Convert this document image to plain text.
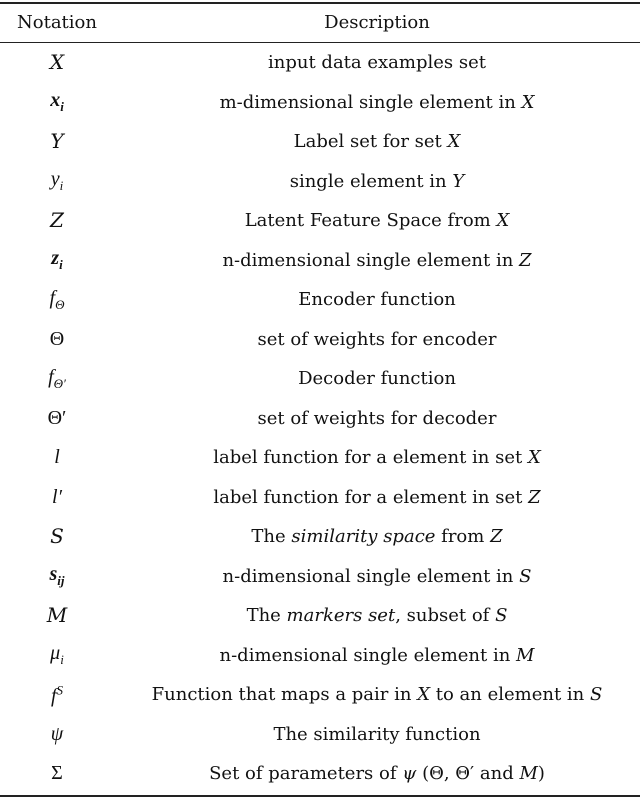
Notation	Description
X	input data examples set
$x_i$	m-dimensional single element in X
Y	Label set for set X
$y_i$	single element in Y
Z	Latent Feature Space from X
$z_i$	n-dimensional single element in Z
$f_\Theta$	Encoder function
Θ	set of weights for encoder
$f_{\Theta'}$	Decoder function
Θ′	set of weights for decoder
l	label function for a element in set X
l′	label function for a element in set Z
S	The similarity space from Z
$s_{ij}$	n-dimensional single element in S
M	The markers set, subset of S
$\mu_i$	n-dimensional single element in M
$f^S$	Function that maps a pair in X to an element in S
ψ	The similarity function
Σ	Set of parameters of ψ (Θ, Θ′ and M)
